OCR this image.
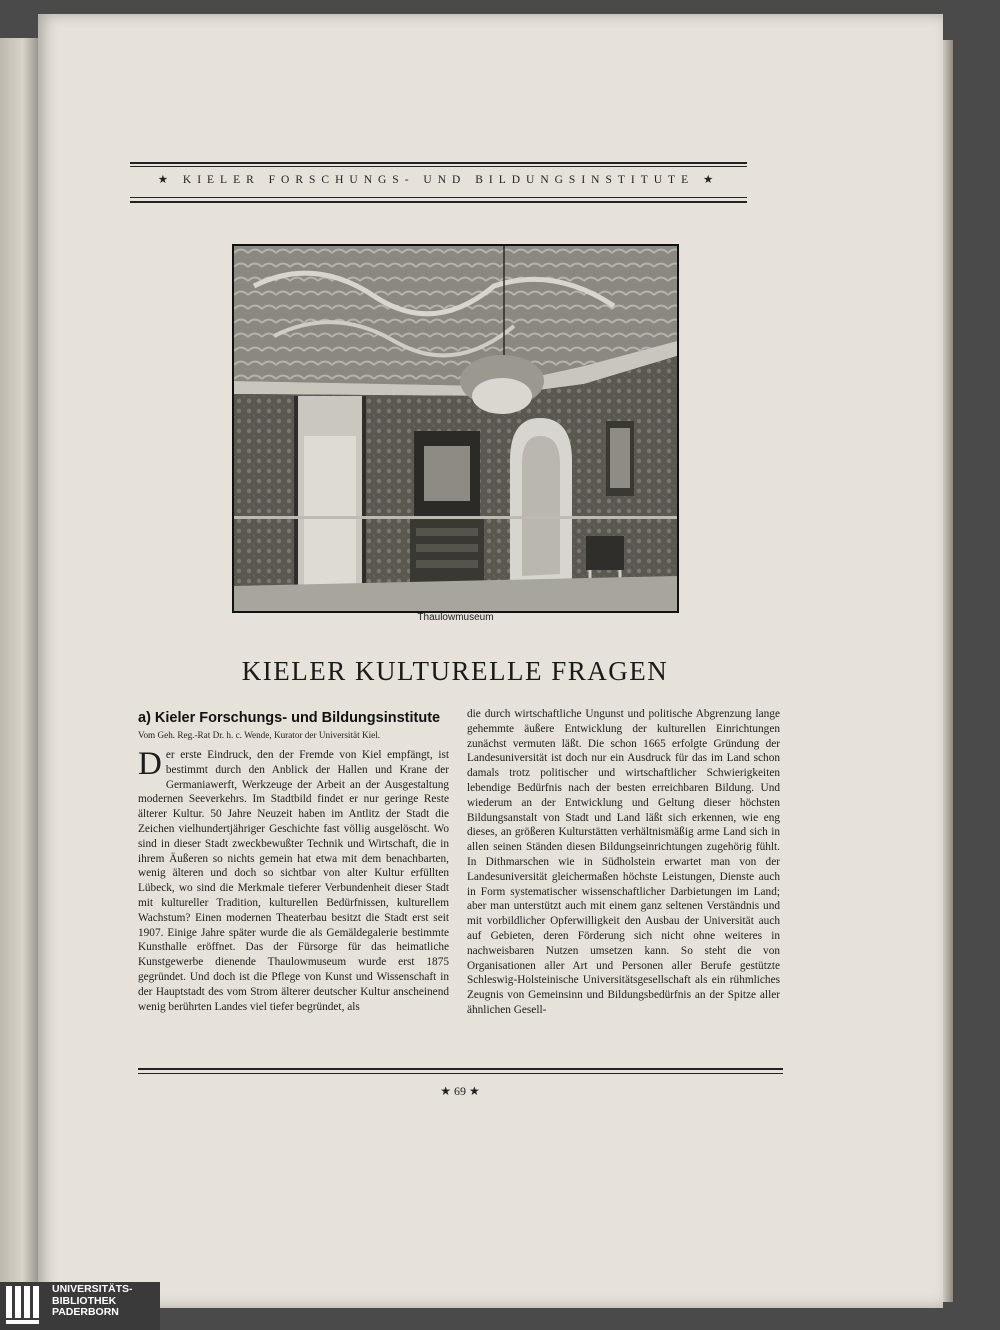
★ KIELER FORSCHUNGS- UND BILDUNGSINSTITUTE ★
Thaulowmuseum
KIELER KULTURELLE FRAGEN
a) Kieler Forschungs- und Bildungsinstitute
Vom Geh. Reg.-Rat Dr. h. c. Wende, Kurator der Universität Kiel.
Der erste Eindruck, den der Fremde von Kiel empfängt, ist bestimmt durch den Anblick der Hallen und Krane der Germaniawerft, Werkzeuge der Arbeit an der Ausgestaltung modernen Seeverkehrs. Im Stadtbild findet er nur geringe Reste älterer Kultur. 50 Jahre Neuzeit haben im Antlitz der Stadt die Zeichen vielhundertjähriger Geschichte fast völlig ausgelöscht. Wo sind in dieser Stadt zweckbewußter Technik und Wirtschaft, die in ihrem Äußeren so nichts gemein hat etwa mit dem benachbarten, wenig älteren und doch so sichtbar von alter Kultur erfüllten Lübeck, wo sind die Merkmale tieferer Verbundenheit dieser Stadt mit kultureller Tradition, kulturellen Bedürfnissen, kulturellem Wachstum? Einen modernen Theaterbau besitzt die Stadt erst seit 1907. Einige Jahre später wurde die als Gemäldegalerie bestimmte Kunsthalle eröffnet. Das der Fürsorge für das heimatliche Kunstgewerbe dienende Thaulowmuseum wurde erst 1875 gegründet. Und doch ist die Pflege von Kunst und Wissenschaft in der Hauptstadt des vom Strom älterer deutscher Kultur anscheinend wenig berührten Landes viel tiefer begründet, als
die durch wirtschaftliche Ungunst und politische Abgrenzung lange gehemmte äußere Entwicklung der kulturellen Einrichtungen zunächst vermuten läßt. Die schon 1665 erfolgte Gründung der Landesuniversität ist doch nur ein Ausdruck für das im Land schon damals trotz politischer und wirtschaftlicher Schwierigkeiten lebendige Bedürfnis nach der besten erreichbaren Bildung. Und wiederum an der Entwicklung und Geltung dieser höchsten Bildungsanstalt von Stadt und Land läßt sich erkennen, wie eng dieses, an größeren Kulturstätten verhältnismäßig arme Land sich in allen seinen Ständen diesen Bildungseinrichtungen zugehörig fühlt. In Dithmarschen wie in Südholstein erwartet man von der Landesuniversität gleichermaßen höchste Leistungen, Dienste auch in Form systematischer wissenschaftlicher Darbietungen im Land; aber man unterstützt auch mit einem ganz seltenen Verständnis und mit vorbildlicher Opferwilligkeit den Ausbau der Universität auch auf Gebieten, deren Förderung sich nicht ohne weiteres in nachweisbaren Nutzen umsetzen kann. So steht die von Organisationen aller Art und Personen aller Berufe gestützte Schleswig-Holsteinische Universitätsgesellschaft als ein rühmliches Zeugnis von Gemeinsinn und Bildungsbedürfnis an der Spitze aller ähnlichen Gesell-
★ 69 ★
UNIVERSITÄTS-
BIBLIOTHEK
PADERBORN
